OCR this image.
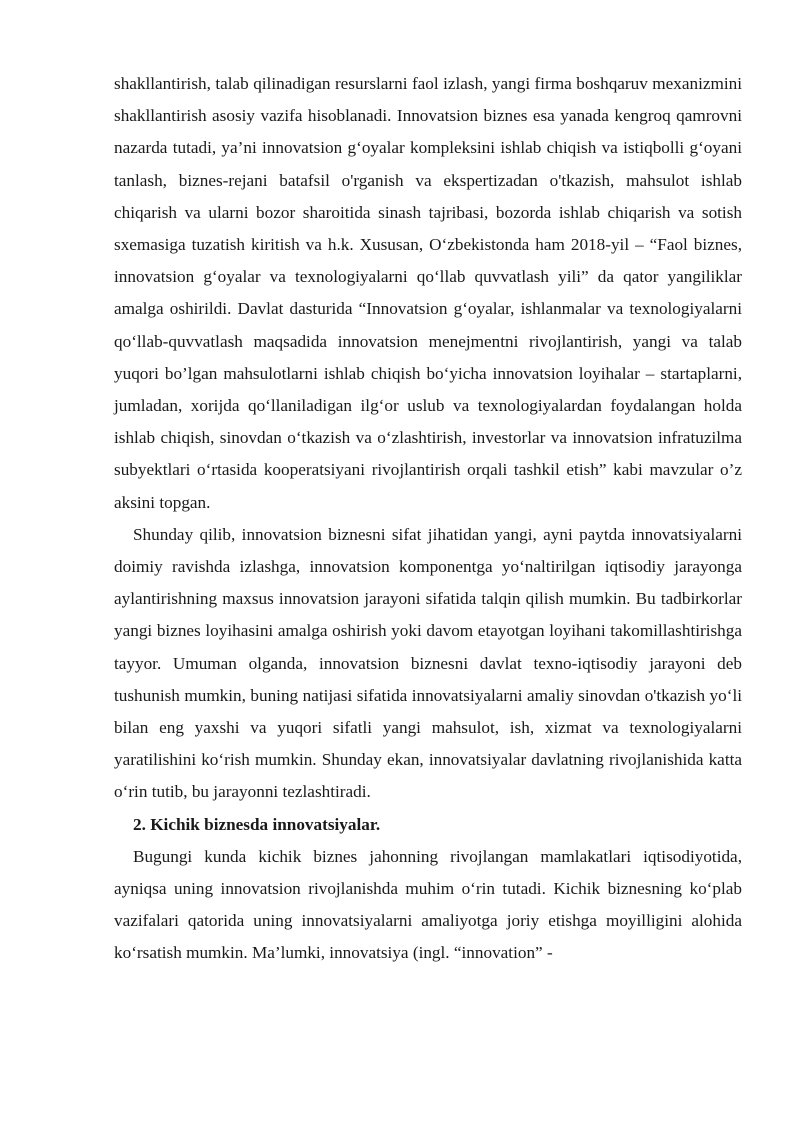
shakllantirish, talab qilinadigan resurslarni faol izlash, yangi firma boshqaruv mexanizmini shakllantirish asosiy vazifa hisoblanadi. Innovatsion biznes esa yanada kengroq qamrovni nazarda tutadi, ya’ni innovatsion g‘oyalar kompleksini ishlab chiqish va istiqbolli g‘oyani tanlash, biznes-rejani batafsil o'rganish va ekspertizadan o'tkazish, mahsulot ishlab chiqarish va ularni bozor sharoitida sinash tajribasi, bozorda ishlab chiqarish va sotish sxemasiga tuzatish kiritish va h.k. Xususan, O‘zbekistonda ham 2018-yil – “Faol biznes, innovatsion g‘oyalar va texnologiyalarni qo‘llab quvvatlash yili” da qator yangiliklar amalga oshirildi. Davlat dasturida “Innovatsion g‘oyalar, ishlanmalar va texnologiyalarni qo‘llab-quvvatlash maqsadida innovatsion menejmentni rivojlantirish, yangi va talab yuqori bo’lgan mahsulotlarni ishlab chiqish bo‘yicha innovatsion loyihalar – startaplarni, jumladan, xorijda qo‘llaniladigan ilg‘or uslub va texnologiyalardan foydalangan holda ishlab chiqish, sinovdan o‘tkazish va o‘zlashtirish, investorlar va innovatsion infratuzilma subyektlari o‘rtasida kooperatsiyani rivojlantirish orqali tashkil etish” kabi mavzular o’z aksini topgan.

Shunday qilib, innovatsion biznesni sifat jihatidan yangi, ayni paytda innovatsiyalarni doimiy ravishda izlashga, innovatsion komponentga yo‘naltirilgan iqtisodiy jarayonga aylantirishning maxsus innovatsion jarayoni sifatida talqin qilish mumkin. Bu tadbirkorlar yangi biznes loyihasini amalga oshirish yoki davom etayotgan loyihani takomillashtirishga tayyor. Umuman olganda, innovatsion biznesni davlat texno-iqtisodiy jarayoni deb tushunish mumkin, buning natijasi sifatida innovatsiyalarni amaliy sinovdan o'tkazish yo‘li bilan eng yaxshi va yuqori sifatli yangi mahsulot, ish, xizmat va texnologiyalarni yaratilishini ko‘rish mumkin. Shunday ekan, innovatsiyalar davlatning rivojlanishida katta o‘rin tutib, bu jarayonni tezlashtiradi.

2. Kichik biznesda innovatsiyalar.

Bugungi kunda kichik biznes jahonning rivojlangan mamlakatlari iqtisodiyotida, ayniqsa uning innovatsion rivojlanishda muhim o‘rin tutadi. Kichik biznesning ko‘plab vazifalari qatorida uning innovatsiyalarni amaliyotga joriy etishga moyilligini alohida ko‘rsatish mumkin. Ma’lumki, innovatsiya (ingl. “innovation” -
